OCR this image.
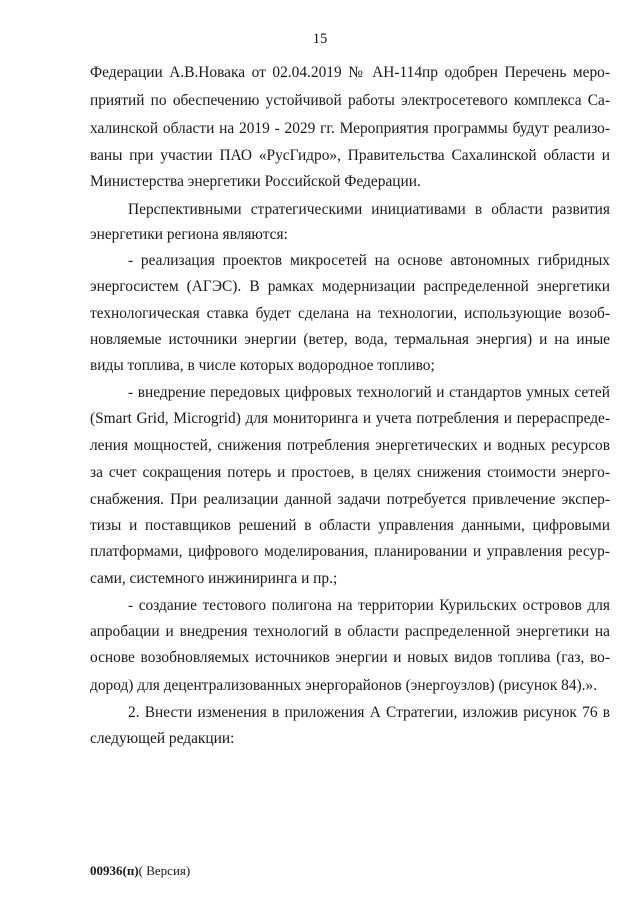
15
Федерации А.В.Новака от 02.04.2019 № АН-114пр одобрен Перечень меро-
приятий по обеспечению устойчивой работы электросетевого комплекса Са-
халинской области на 2019 - 2029 гг. Мероприятия программы будут реализо-
ваны при участии ПАО «РусГидро», Правительства Сахалинской области и
Министерства энергетики Российской Федерации.
Перспективными стратегическими инициативами в области развития
энергетики региона являются:
- реализация проектов микросетей на основе автономных гибридных
энергосистем (АГЭС). В рамках модернизации распределенной энергетики
технологическая ставка будет сделана на технологии, использующие возоб-
новляемые источники энергии (ветер, вода, термальная энергия) и на иные
виды топлива, в числе которых водородное топливо;
- внедрение передовых цифровых технологий и стандартов умных сетей
(Smart Grid, Microgrid) для мониторинга и учета потребления и перераспреде-
ления мощностей, снижения потребления энергетических и водных ресурсов
за счет сокращения потерь и простоев, в целях снижения стоимости энерго-
снабжения. При реализации данной задачи потребуется привлечение экспер-
тизы и поставщиков решений в области управления данными, цифровыми
платформами, цифрового моделирования, планировании и управления ресур-
сами, системного инжиниринга и пр.;
- создание тестового полигона на территории Курильских островов для
апробации и внедрения технологий в области распределенной энергетики на
основе возобновляемых источников энергии и новых видов топлива (газ, во-
дород) для децентрализованных энергорайонов (энергоузлов) (рисунок 84).».
2. Внести изменения в приложения А Стратегии, изложив рисунок 76 в
следующей редакции:
00936(п)( Версия)
